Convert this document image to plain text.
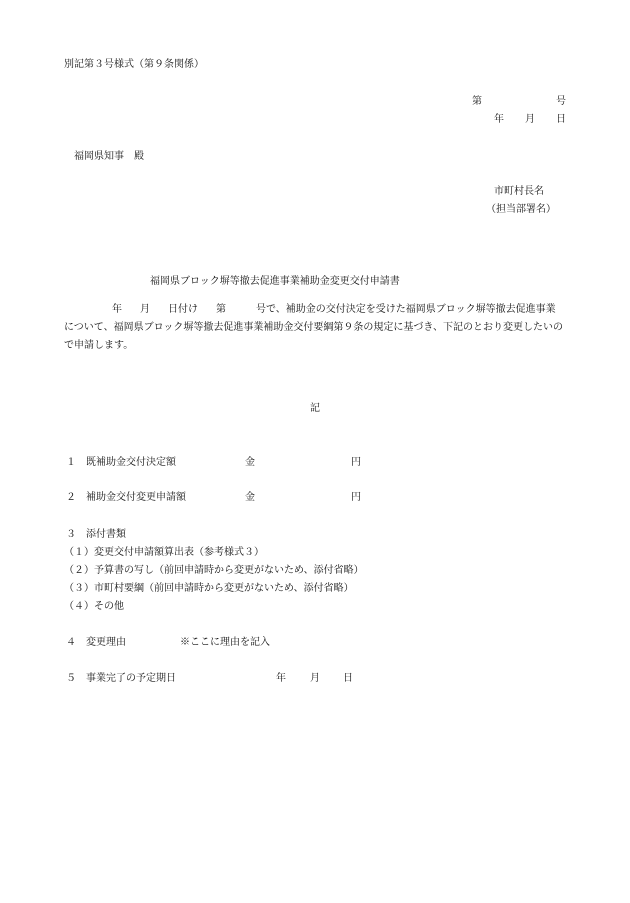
別記第３号様式（第９条関係）
第	号
年 月 日
福岡県知事　殿
市町村長名
（担当部署名）
福岡県ブロック塀等撤去促進事業補助金変更交付申請書
年 月 日付け 第	号で、補助金の交付決定を受けた福岡県ブロック塀等撤去促進事業について、福岡県ブロック塀等撤去促進事業補助金交付要綱第９条の規定に基づき、下記のとおり変更したいので申請します。
記
１ 既補助金交付決定額	金	円
２ 補助金交付変更申請額	金	円
３ 添付書類
（１）変更交付申請額算出表（参考様式３）
（２）予算書の写し（前回申請時から変更がないため、添付省略）
（３）市町村要綱（前回申請時から変更がないため、添付省略）
（４）その他
４ 変更理由	※ここに理由を記入
５ 事業完了の予定期日	年 月 日
